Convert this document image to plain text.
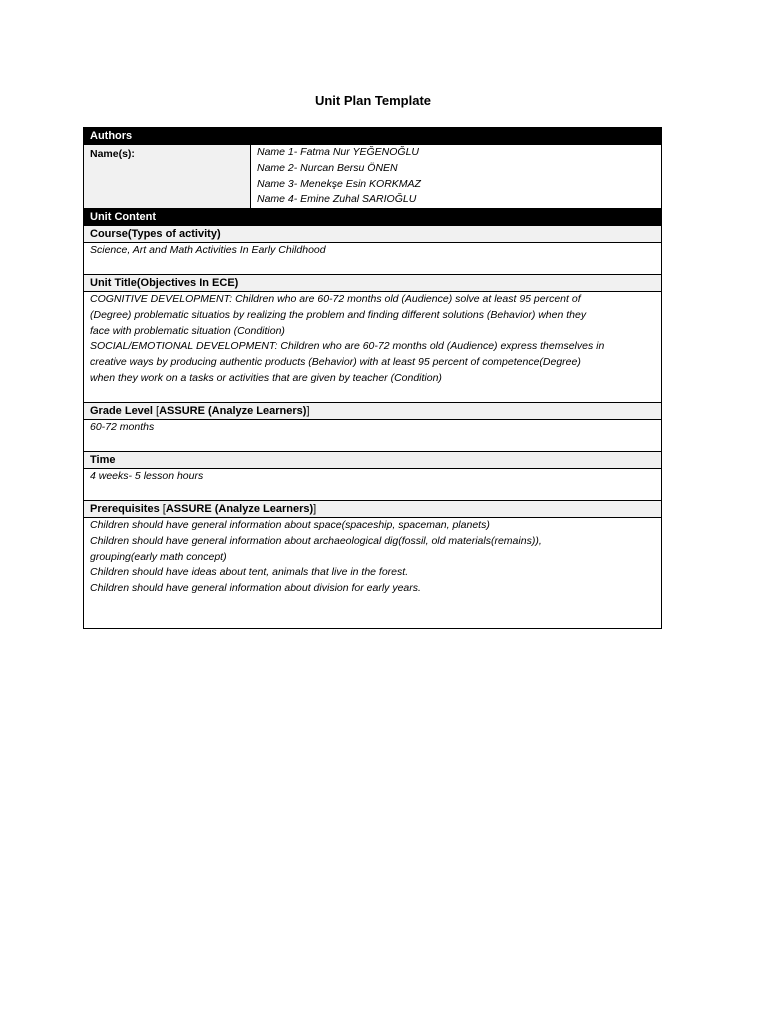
Unit Plan Template
Authors
Name(s):	Name 1- Fatma Nur YEĞENOĞLU
Name 2- Nurcan Bersu ÖNEN
Name 3- Menekşe Esin KORKMAZ
Name 4- Emine Zuhal SARIOĞLU
Unit Content
Course(Types of activity)
Science, Art and Math Activities In Early Childhood
Unit Title(Objectives In ECE)
COGNITIVE DEVELOPMENT: Children who are 60-72 months old (Audience) solve at least 95 percent of
(Degree) problematic situatios by realizing the problem and finding different solutions (Behavior) when they
face with problematic situation (Condition)
SOCIAL/EMOTIONAL DEVELOPMENT: Children who are 60-72 months old (Audience) express themselves in
creative ways by producing authentic products (Behavior) with at least 95 percent of competence(Degree)
when they work on a tasks or activities that are given by teacher (Condition)
Grade Level [ASSURE (Analyze Learners)]
60-72 months
Time
4 weeks- 5 lesson hours
Prerequisites [ASSURE (Analyze Learners)]
Children should have general information about space(spaceship, spaceman, planets)
Children should have general information about archaeological dig(fossil, old materials(remains)),
grouping(early math concept)
Children should have ideas about tent, animals that live in the forest.
Children should have general information about division for early years.
